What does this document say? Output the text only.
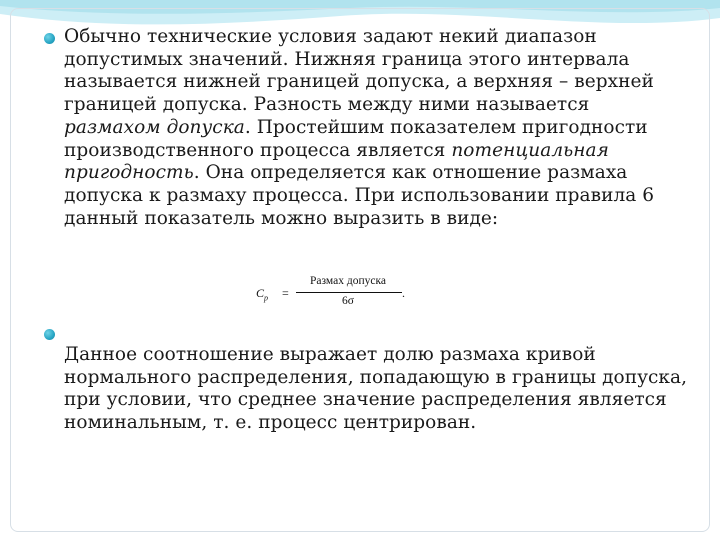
Обычно технические условия задают некий диапазон допустимых значений. Нижняя граница этого интервала называется нижней границей допуска, а верхняя – верхней границей допуска. Разность между ними называется размахом допуска. Простейшим показателем пригодности производственного процесса является потенциальная пригодность. Она определяется как отношение размаха допуска к размаху процесса. При использовании правила 6 данный показатель можно выразить в виде:

$C_p$ =
Размах допуска
6σ
.

Данное соотношение выражает долю размаха кривой нормального распределения, попадающую в границы допуска, при условии, что среднее значение распределения является номинальным, т. е. процесс центрирован.
